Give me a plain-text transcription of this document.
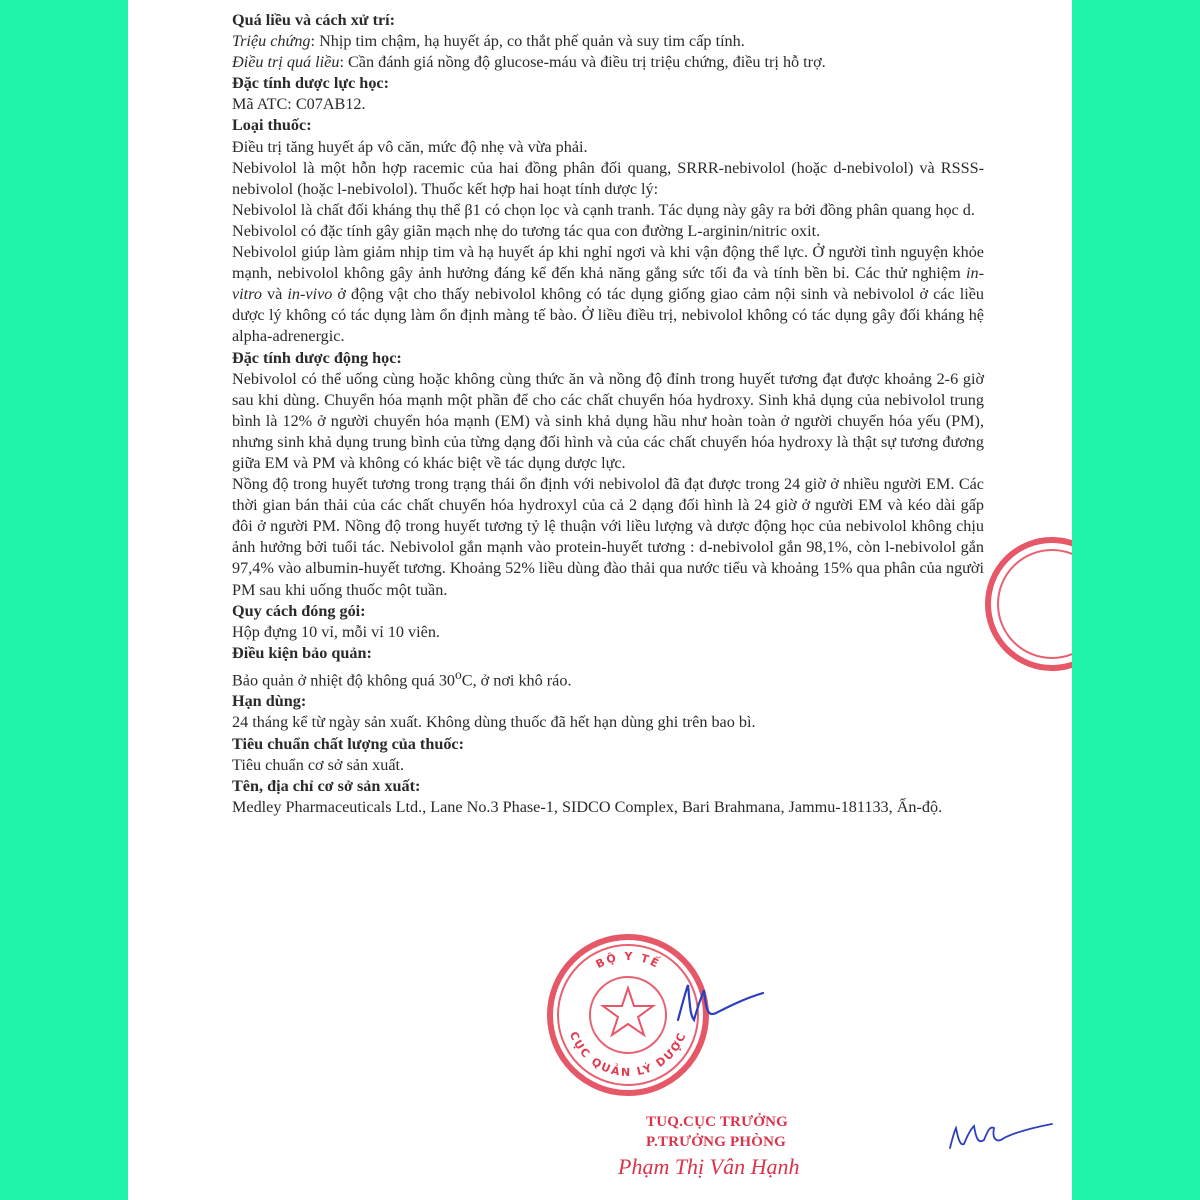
Quá liều và cách xử trí:

Triệu chứng: Nhịp tim chậm, hạ huyết áp, co thắt phế quản và suy tim cấp tính.

Điều trị quá liều: Cần đánh giá nồng độ glucose-máu và điều trị triệu chứng, điều trị hỗ trợ.

Đặc tính dược lực học:

Mã ATC: C07AB12.

Loại thuốc:

Điều trị tăng huyết áp vô căn, mức độ nhẹ và vừa phải.

Nebivolol là một hỗn hợp racemic của hai đồng phân đối quang, SRRR-nebivolol (hoặc d-nebivolol) và RSSS-nebivolol (hoặc l-nebivolol). Thuốc kết hợp hai hoạt tính dược lý:

Nebivolol là chất đối kháng thụ thể β1 có chọn lọc và cạnh tranh. Tác dụng này gây ra bởi đồng phân quang học d.

Nebivolol có đặc tính gây giãn mạch nhẹ do tương tác qua con đường L-arginin/nitric oxit.

Nebivolol giúp làm giảm nhịp tim và hạ huyết áp khi nghỉ ngơi và khi vận động thể lực. Ở người tình nguyện khỏe mạnh, nebivolol không gây ảnh hưởng đáng kể đến khả năng gắng sức tối đa và tính bền bỉ. Các thử nghiệm in-vitro và in-vivo ở động vật cho thấy nebivolol không có tác dụng giống giao cảm nội sinh và nebivolol ở các liều dược lý không có tác dụng làm ổn định màng tế bào. Ở liều điều trị, nebivolol không có tác dụng gây đối kháng hệ alpha-adrenergic.

Đặc tính dược động học:

Nebivolol có thể uống cùng hoặc không cùng thức ăn và nồng độ đỉnh trong huyết tương đạt được khoảng 2-6 giờ sau khi dùng. Chuyển hóa mạnh một phần để cho các chất chuyển hóa hydroxy. Sinh khả dụng của nebivolol trung bình là 12% ở người chuyển hóa mạnh (EM) và sinh khả dụng hầu như hoàn toàn ở người chuyển hóa yếu (PM), nhưng sinh khả dụng trung bình của từng dạng đối hình và của các chất chuyển hóa hydroxy là thật sự tương đương giữa EM và PM và không có khác biệt về tác dụng dược lực.

Nồng độ trong huyết tương trong trạng thái ổn định với nebivolol đã đạt được trong 24 giờ ở nhiều người EM. Các thời gian bán thải của các chất chuyển hóa hydroxyl của cả 2 dạng đối hình là 24 giờ ở người EM và kéo dài gấp đôi ở người PM. Nồng độ trong huyết tương tỷ lệ thuận với liều lượng và dược động học của nebivolol không chịu ảnh hưởng bởi tuổi tác. Nebivolol gắn mạnh vào protein-huyết tương : d-nebivolol gắn 98,1%, còn l-nebivolol gắn 97,4% vào albumin-huyết tương. Khoảng 52% liều dùng đào thải qua nước tiểu và khoảng 15% qua phân của người PM sau khi uống thuốc một tuần.

Quy cách đóng gói:

Hộp đựng 10 vỉ, mỗi vỉ 10 viên.

Điều kiện bảo quản:

Bảo quản ở nhiệt độ không quá 30$^o$C, ở nơi khô ráo.

Hạn dùng:

24 tháng kể từ ngày sản xuất. Không dùng thuốc đã hết hạn dùng ghi trên bao bì.

Tiêu chuẩn chất lượng của thuốc:

Tiêu chuẩn cơ sở sản xuất.

Tên, địa chỉ cơ sở sản xuất:

Medley Pharmaceuticals Ltd., Lane No.3 Phase-1, SIDCO Complex, Bari Brahmana, Jammu-181133, Ấn-độ.

BỘ Y TẾ
CỤC QUẢN LÝ DƯỢC
TUQ.CỤC TRƯỞNG
P.TRƯỞNG PHÒNG
Phạm Thị Vân Hạnh
